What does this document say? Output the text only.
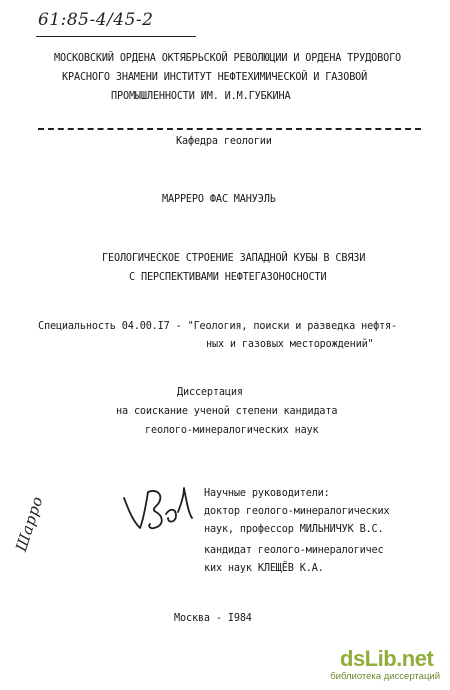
61:85-4/45-2
МОСКОВСКИЙ ОРДЕНА ОКТЯБРЬСКОЙ РЕВОЛЮЦИИ И ОРДЕНА ТРУДОВОГО
КРАСНОГО ЗНАМЕНИ ИНСТИТУТ НЕФТЕХИМИЧЕСКОЙ И ГАЗОВОЙ
ПРОМЫШЛЕННОСТИ ИМ. И.М.ГУБКИНА
Кафедра геологии
МАРРЕРО ФАС МАНУЭЛЬ
ГЕОЛОГИЧЕСКОЕ СТРОЕНИЕ ЗАПАДНОЙ КУБЫ В СВЯЗИ
С ПЕРСПЕКТИВАМИ НЕФТЕГАЗОНОСНОСТИ
Специальность 04.00.I7 - "Геология, поиски и разведка нефтя-
ных и газовых месторождений"
Диссертация
на соискание ученой степени кандидата
геолого-минералогических наук
Научные руководители:
доктор геолого-минералогических
наук, профессор МИЛЬНИЧУК В.С.
кандидат геолого-минералогичес
ких наук КЛЕЩЁВ К.А.
Шарро
Москва - I984
dsLib.net
библиотека диссертаций
